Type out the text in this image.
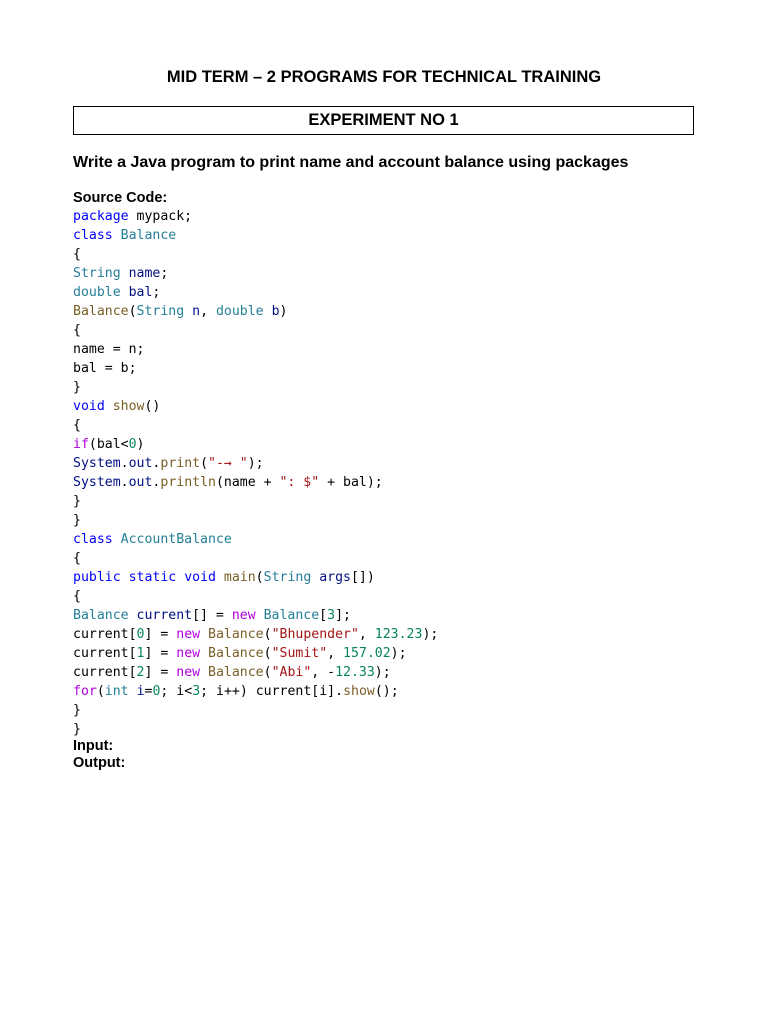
MID TERM – 2 PROGRAMS FOR TECHNICAL TRAINING
EXPERIMENT NO 1
Write a Java program to print name and account balance using packages
Source Code:
package mypack;
class Balance
{
String name;
double bal;
Balance(String n, double b)
{
name = n;
bal = b;
}
void show()
{
if(bal<0)
System.out.print("-→ ");
System.out.println(name + ": $" + bal);
}
}
class AccountBalance
{
public static void main(String args[])
{
Balance current[] = new Balance[3];
current[0] = new Balance("Bhupender", 123.23);
current[1] = new Balance("Sumit", 157.02);
current[2] = new Balance("Abi", -12.33);
for(int i=0; i<3; i++) current[i].show();
}
}
Input:
Output:
